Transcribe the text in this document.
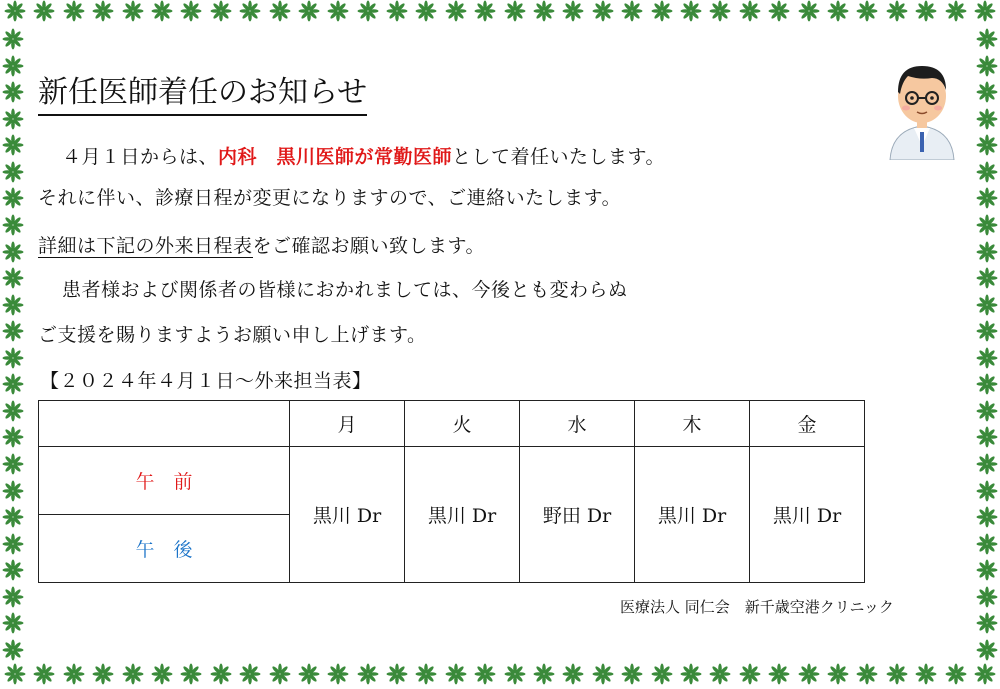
新任医師着任のお知らせ
４月１日からは、内科　黒川医師が常勤医師として着任いたします。
それに伴い、診療日程が変更になりますので、ご連絡いたします。
詳細は下記の外来日程表をご確認お願い致します。
患者様および関係者の皆様におかれましては、今後とも変わらぬ
ご支援を賜りますようお願い申し上げます。
【２０２４年４月１日〜外来担当表】
	月	火	水	木	金
午　前	黒川 Dr	黒川 Dr	野田 Dr	黒川 Dr	黒川 Dr
午　後					
医療法人 同仁会　新千歳空港クリニック
